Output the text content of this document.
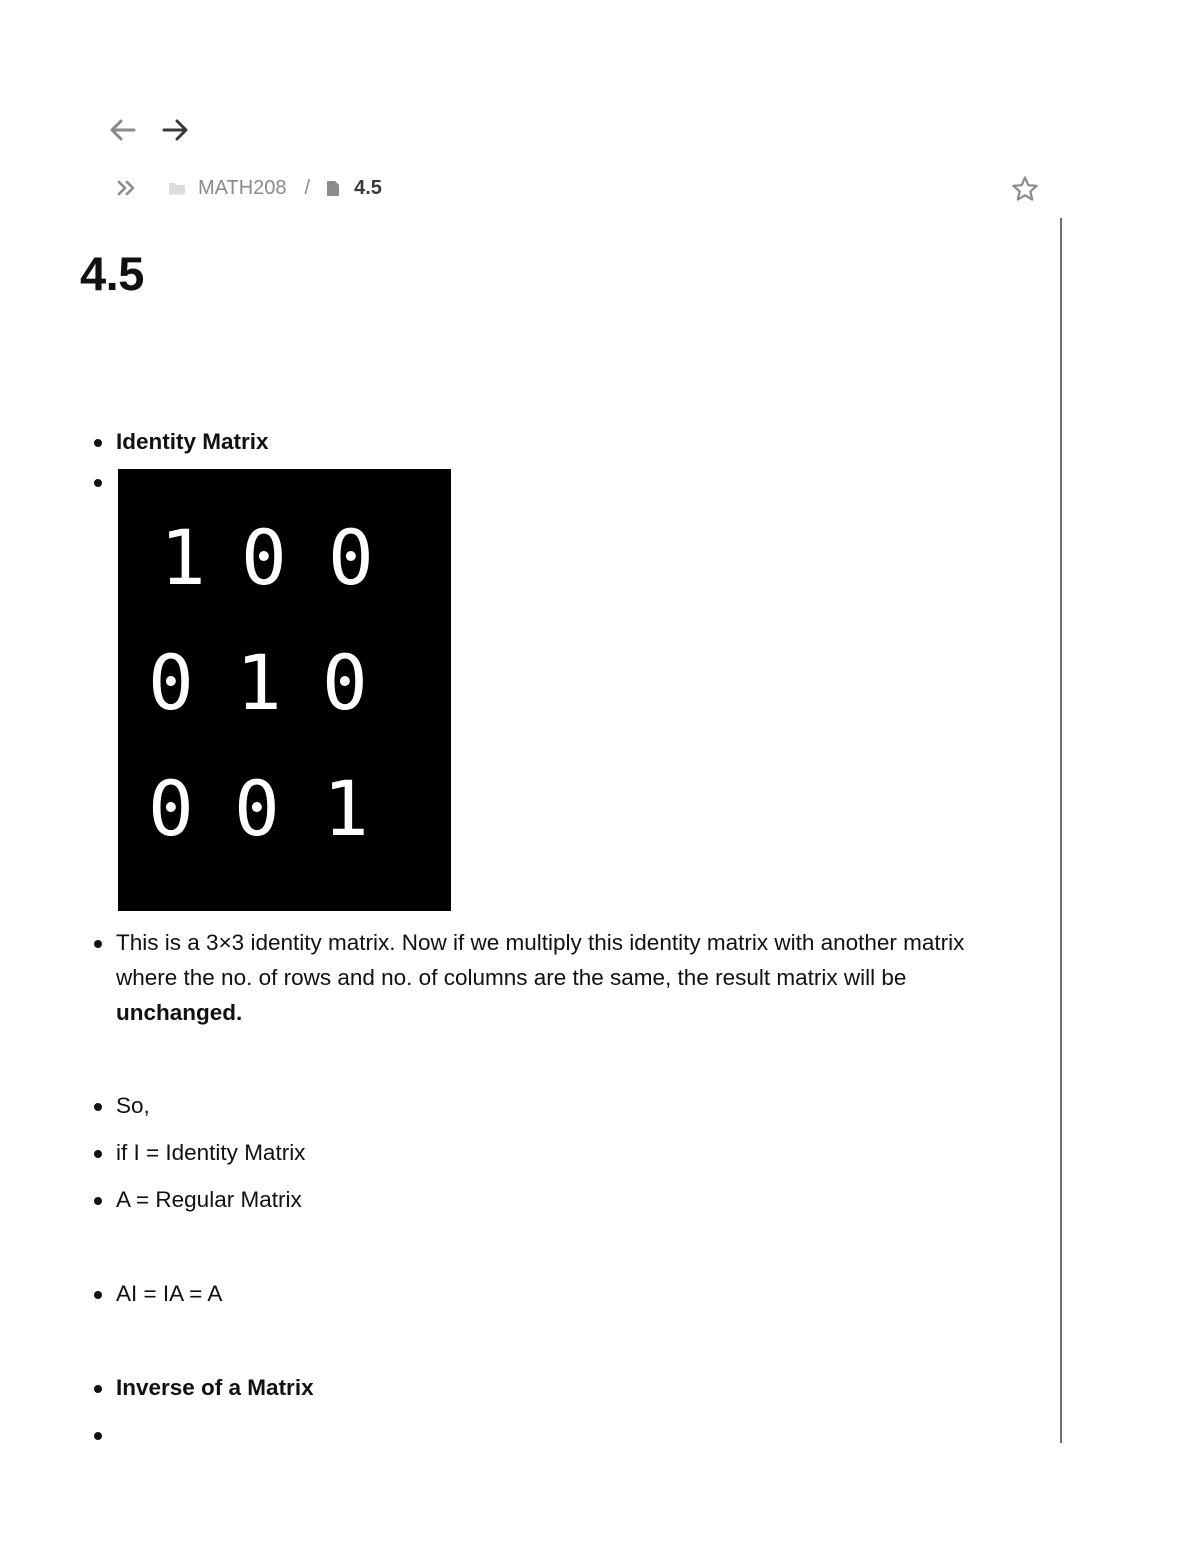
MATH208 / 4.5
4.5
Identity Matrix
1 0 0
0 1 0
0 0 1
This is a 3×3 identity matrix. Now if we multiply this identity matrix with another matrix where the no. of rows and no. of columns are the same, the result matrix will be unchanged.
So,
if I = Identity Matrix
A = Regular Matrix
AI = IA = A
Inverse of a Matrix
